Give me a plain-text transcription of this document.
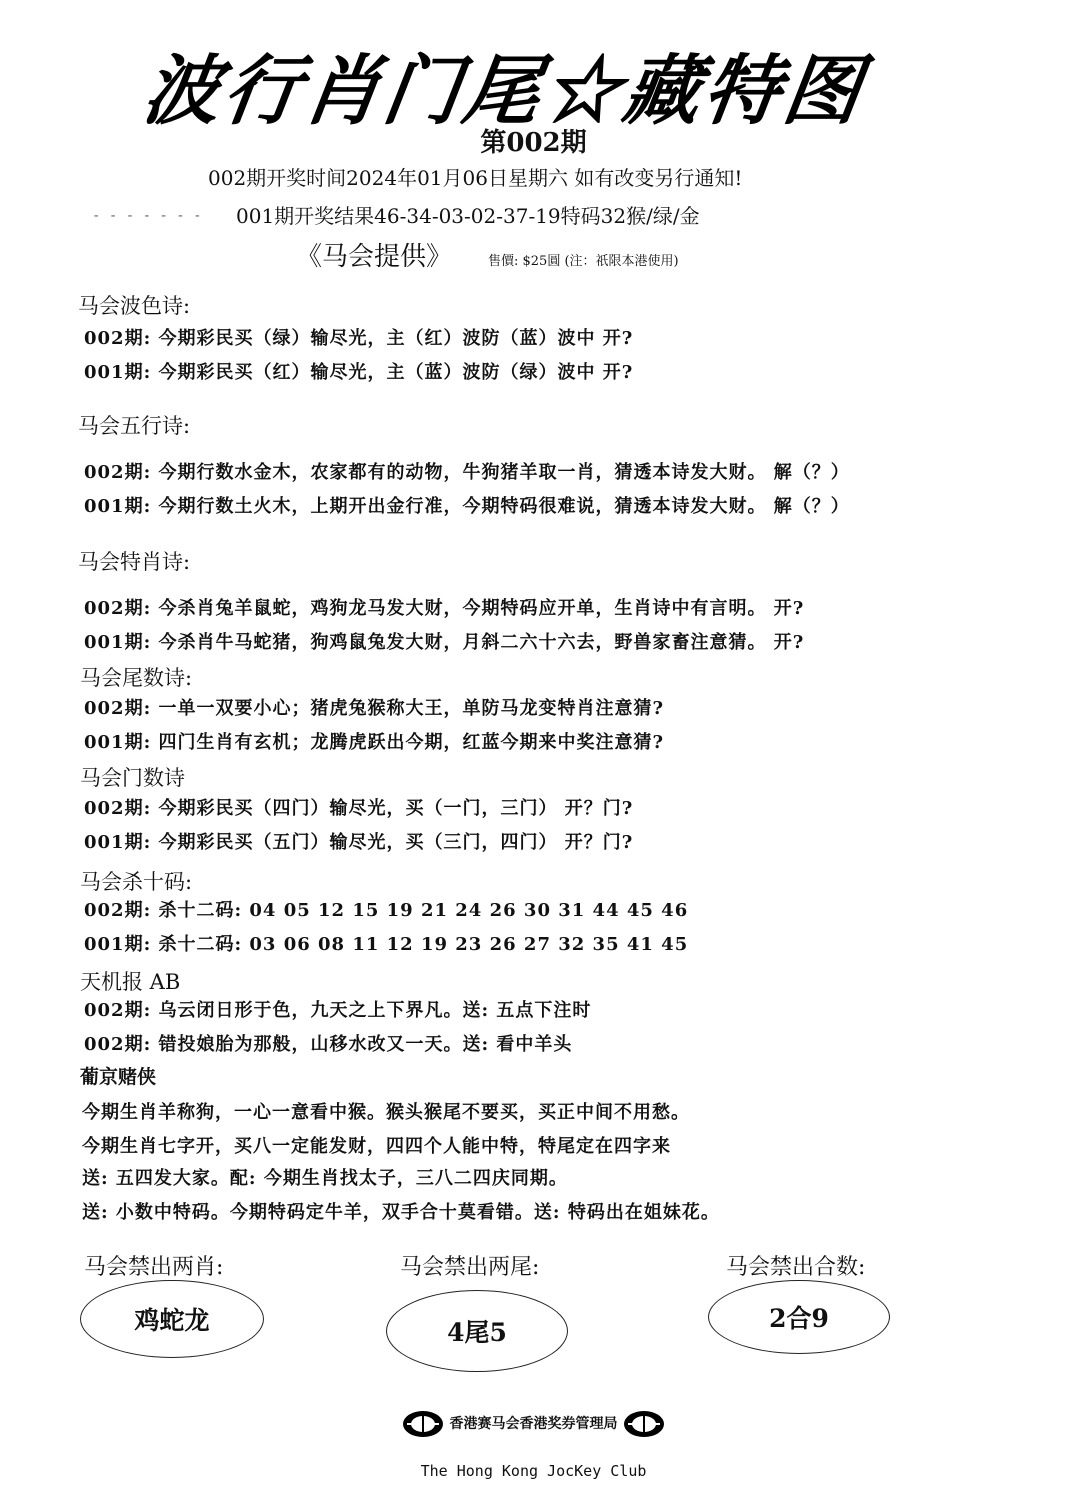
波行肖门尾☆藏特图
第002期
002期开奖时间2024年01月06日星期六 如有改变另行通知!
‐ ‐ ‐ ‐ ‐ ‐ ‐ 001期开奖结果46-34-03-02-37-19特码32猴/绿/金
《马会提供》	售價: $25圓 (注：祇限本港使用)
马会波色诗:
002期: 今期彩民买（绿）输尽光，主（红）波防（蓝）波中 开?
001期: 今期彩民买（红）输尽光，主（蓝）波防（绿）波中 开?
马会五行诗:
002期: 今期行数水金木，农家都有的动物，牛狗猪羊取一肖，猜透本诗发大财。 解（？）
001期: 今期行数土火木，上期开出金行准，今期特码很难说，猜透本诗发大财。 解（？）
马会特肖诗:
002期: 今杀肖兔羊鼠蛇，鸡狗龙马发大财，今期特码应开单，生肖诗中有言明。 开?
001期: 今杀肖牛马蛇猪，狗鸡鼠兔发大财，月斜二六十六去，野兽家畜注意猜。 开?
马会尾数诗:
002期: 一单一双要小心；猪虎兔猴称大王，单防马龙变特肖注意猜?
001期: 四门生肖有玄机；龙腾虎跃出今期，红蓝今期来中奖注意猜?
马会门数诗
002期: 今期彩民买（四门）输尽光，买（一门，三门） 开？门?
001期: 今期彩民买（五门）输尽光，买（三门，四门） 开？门?
马会杀十码:
002期: 杀十二码: 04 05 12 15 19 21 24 26 30 31 44 45 46
001期: 杀十二码: 03 06 08 11 12 19 23 26 27 32 35 41 45
天机报 AB
002期: 乌云闭日形于色，九天之上下界凡。送: 五点下注时
002期: 错投娘胎为那般，山移水改又一天。送: 看中羊头
葡京赌侠
今期生肖羊称狗，一心一意看中猴。猴头猴尾不要买，买正中间不用愁。
今期生肖七字开，买八一定能发财，四四个人能中特，特尾定在四字来
送: 五四发大家。配: 今期生肖找太子，三八二四庆同期。
送: 小数中特码。今期特码定牛羊，双手合十莫看错。送: 特码出在姐妹花。
马会禁出两肖:	马会禁出两尾:	马会禁出合数:
鸡蛇龙	4尾5	2合9
香港赛马会香港奖券管理局
The Hong Kong JocKey Club
